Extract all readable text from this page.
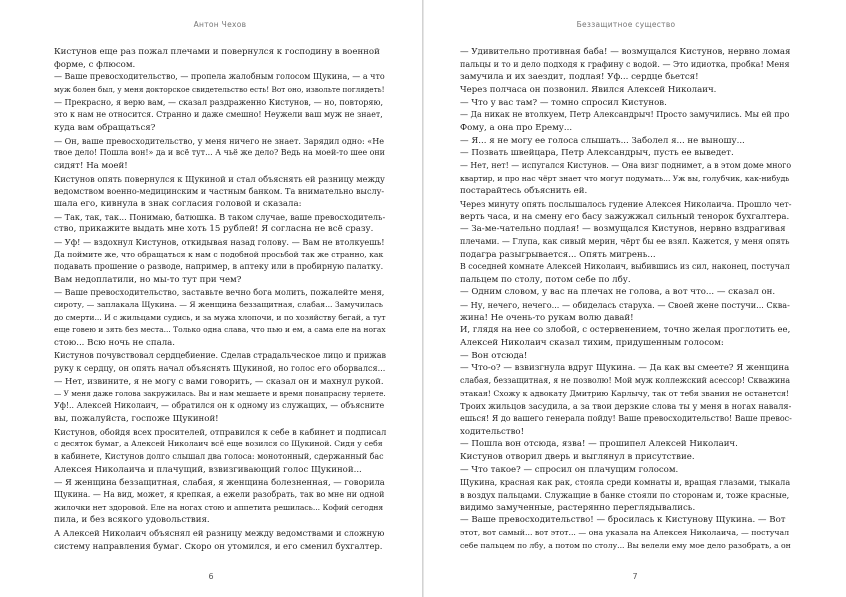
Антон Чехов

Кистунов еще раз пожал плечами и повернулся к господину в военной

форме, с флюсом.

— Ваше превосходительство, — пропела жалобным голосом Щукина, — а что

муж болен был, у меня докторское свидетельство есть! Вот оно, извольте поглядеть!

— Прекрасно, я верю вам, — сказал раздраженно Кистунов, — но, повторяю,

это к нам не относится. Странно и даже смешно! Неужели ваш муж не знает,

куда вам обращаться?

— Он, ваше превосходительство, у меня ничего не знает. Зарядил одно: «Не

твое дело! Пошла вон!» да и всё тут... А чьё же дело? Ведь на моей-то шее они

сидят! На моей!

Кистунов опять повернулся к Щукиной и стал объяснять ей разницу между

ведомством военно-медицинским и частным банком. Та внимательно выслу-

шала его, кивнула в знак согласия головой и сказала:

— Так, так, так... Понимаю, батюшка. В таком случае, ваше превосходитель-

ство, прикажите выдать мне хоть 15 рублей! Я согласна не всё сразу.

— Уф! — вздохнул Кистунов, откидывая назад голову. — Вам не втолкуешь!

Да поймите же, что обращаться к нам с подобной просьбой так же странно, как

подавать прошение о разводе, например, в аптеку или в пробирную палатку.

Вам недоплатили, но мы-то тут при чем?

— Ваше превосходительство, заставьте вечно бога молить, пожалейте меня,

сироту, — заплакала Щукина. — Я женщина беззащитная, слабая... Замучилась

до смерти... И с жильцами судись, и за мужа хлопочи, и по хозяйству бегай, а тут

еще говею и зять без места... Только одна слава, что пью и ем, а сама еле на ногах

стою... Всю ночь не спала.

Кистунов почувствовал сердцебиение. Сделав страдальческое лицо и прижав

руку к сердцу, он опять начал объяснять Щукиной, но голос его оборвался...

— Нет, извините, я не могу с вами говорить, — сказал он и махнул рукой.

— У меня даже голова закружилась. Вы и нам мешаете и время понапрасну теряете.

Уф!.. Алексей Николаич, — обратился он к одному из служащих, — объясните

вы, пожалуйста, госпоже Щукиной!

Кистунов, обойдя всех просителей, отправился к себе в кабинет и подписал

с десяток бумаг, а Алексей Николаич всё еще возился со Щукиной. Сидя у себя

в кабинете, Кистунов долго слышал два голоса: монотонный, сдержанный бас

Алексея Николаича и плачущий, взвизгивающий голос Щукиной...

— Я женщина беззащитная, слабая, я женщина болезненная, — говорила

Щукина. — На вид, может, я крепкая, а ежели разобрать, так во мне ни одной

жилочки нет здоровой. Еле на ногах стою и аппетита решилась... Кофий сегодня

пила, и без всякого удовольствия.

А Алексей Николаич объяснял ей разницу между ведомствами и сложную

систему направления бумаг. Скоро он утомился, и его сменил бухгалтер.

6
Беззащитное существо

— Удивительно противная баба! — возмущался Кистунов, нервно ломая

пальцы и то и дело подходя к графину с водой. — Это идиотка, пробка! Меня

замучила и их заездит, подлая! Уф... сердце бьется!

Через полчаса он позвонил. Явился Алексей Николаич.

— Что у вас там? — томно спросил Кистунов.

— Да никак не втолкуем, Петр Александрыч! Просто замучились. Мы ей про

Фому, а она про Ерему...

— Я... я не могу ее голоса слышать... Заболел я... не выношу...

— Позвать швейцара, Петр Александрыч, пусть ее выведет.

— Нет, нет! — испугался Кистунов. — Она визг поднимет, а в этом доме много

квартир, и про нас чёрт знает что могут подумать... Уж вы, голубчик, как-нибудь

постарайтесь объяснить ей.

Через минуту опять послышалось гудение Алексея Николаича. Прошло чет-

верть часа, и на смену его басу зажужжал сильный тенорок бухгалтера.

— За-ме-чательно подлая! — возмущался Кистунов, нервно вздрагивая

плечами. — Глупа, как сивый мерин, чёрт бы ее взял. Кажется, у меня опять

подагра разыгрывается... Опять мигрень...

В соседней комнате Алексей Николаич, выбившись из сил, наконец, постучал

пальцем по столу, потом себе по лбу.

— Одним словом, у вас на плечах не голова, а вот что... — сказал он.

— Ну, нечего, нечего... — обиделась старуха. — Своей жене постучи... Сква-

жина! Не очень-то рукам волю давай!

И, глядя на нее со злобой, с остервенением, точно желая проглотить ее,

Алексей Николаич сказал тихим, придушенным голосом:

— Вон отсюда!

— Что-о? — взвизгнула вдруг Щукина. — Да как вы смеете? Я женщина

слабая, беззащитная, я не позволю! Мой муж коллежский асессор! Скважина

этакая! Схожу к адвокату Дмитрию Карлычу, так от тебя звания не останется!

Троих жильцов засудила, а за твои дерзкие слова ты у меня в ногах наваля-

ешься! Я до вашего генерала пойду! Ваше превосходительство! Ваше превос-

ходительство!

— Пошла вон отсюда, язва! — прошипел Алексей Николаич.

Кистунов отворил дверь и выглянул в присутствие.

— Что такое? — спросил он плачущим голосом.

Щукина, красная как рак, стояла среди комнаты и, вращая глазами, тыкала

в воздух пальцами. Служащие в банке стояли по сторонам и, тоже красные,

видимо замученные, растерянно переглядывались.

— Ваше превосходительство! — бросилась к Кистунову Щукина. — Вот

этот, вот самый... вот этот... — она указала на Алексея Николаича, — постучал

себе пальцем по лбу, а потом по столу... Вы велели ему мое дело разобрать, а он

7
